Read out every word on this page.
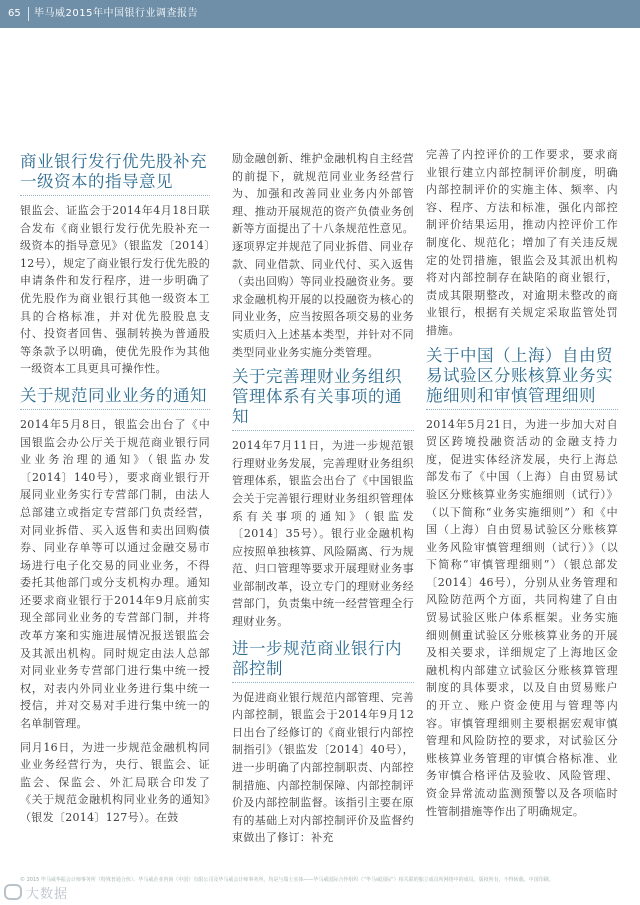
65 毕马威2015年中国银行业调查报告
商业银行发行优先股补充一级资本的指导意见

银监会、证监会于2014年4月18日联合发布《商业银行发行优先股补充一级资本的指导意见》（银监发〔2014〕12号），规定了商业银行发行优先股的申请条件和发行程序，进一步明确了优先股作为商业银行其他一级资本工具的合格标准，并对优先股股息支付、投资者回售、强制转换为普通股等条款予以明确，使优先股作为其他一级资本工具更具可操作性。

关于规范同业业务的通知

2014年5月8日，银监会出台了《中国银监会办公厅关于规范商业银行同业业务治理的通知》（银监办发〔2014〕140号），要求商业银行开展同业业务实行专营部门制，由法人总部建立或指定专营部门负责经营，对同业拆借、买入返售和卖出回购债券、同业存单等可以通过金融交易市场进行电子化交易的同业业务，不得委托其他部门或分支机构办理。通知还要求商业银行于2014年9月底前实现全部同业业务的专营部门制，并将改革方案和实施进展情况报送银监会及其派出机构。同时规定由法人总部对同业业务专营部门进行集中统一授权，对表内外同业业务进行集中统一授信，并对交易对手进行集中统一的名单制管理。

同月16日，为进一步规范金融机构同业业务经营行为，央行、银监会、证监会、保监会、外汇局联合印发了《关于规范金融机构同业业务的通知》（银发〔2014〕127号）。在鼓

励金融创新、维护金融机构自主经营的前提下，就规范同业业务经营行为、加强和改善同业业务内外部管理、推动开展规范的资产负债业务创新等方面提出了十八条规范性意见。逐项界定并规范了同业拆借、同业存款、同业借款、同业代付、买入返售（卖出回购）等同业投融资业务。要求金融机构开展的以投融资为核心的同业业务，应当按照各项交易的业务实质归入上述基本类型，并针对不同类型同业业务实施分类管理。

关于完善理财业务组织管理体系有关事项的通知

2014年7月11日，为进一步规范银行理财业务发展，完善理财业务组织管理体系，银监会出台了《中国银监会关于完善银行理财业务组织管理体系有关事项的通知》（银监发〔2014〕35号）。银行业金融机构应按照单独核算、风险隔离、行为规范、归口管理等要求开展理财业务事业部制改革，设立专门的理财业务经营部门，负责集中统一经营管理全行理财业务。

进一步规范商业银行内部控制

为促进商业银行规范内部管理、完善内部控制，银监会于2014年9月12日出台了经修订的《商业银行内部控制指引》（银监发〔2014〕40号），进一步明确了内部控制职责、内部控制措施、内部控制保障、内部控制评价及内部控制监督。该指引主要在原有的基础上对内部控制评价及监督约束做出了修订：补充

完善了内控评价的工作要求，要求商业银行建立内部控制评价制度，明确内部控制评价的实施主体、频率、内容、程序、方法和标准，强化内部控制评价结果运用，推动内控评价工作制度化、规范化；增加了有关违反规定的处罚措施，银监会及其派出机构将对内部控制存在缺陷的商业银行，责成其限期整改，对逾期未整改的商业银行，根据有关规定采取监管处罚措施。

关于中国（上海）自由贸易试验区分账核算业务实施细则和审慎管理细则

2014年5月21日，为进一步加大对自贸区跨境投融资活动的金融支持力度，促进实体经济发展，央行上海总部发布了《中国（上海）自由贸易试验区分账核算业务实施细则（试行）》（以下简称“业务实施细则”）和《中国（上海）自由贸易试验区分账核算业务风险审慎管理细则（试行）》（以下简称“审慎管理细则”）（银总部发〔2014〕46号），分别从业务管理和风险防范两个方面，共同构建了自由贸易试验区账户体系框架。业务实施细则侧重试验区分账核算业务的开展及相关要求，详细规定了上海地区金融机构内部建立试验区分账核算管理制度的具体要求，以及自由贸易账户的开立、账户资金使用与管理等内容。审慎管理细则主要根据宏观审慎管理和风险防控的要求，对试验区分账核算业务管理的审慎合格标准、业务审慎合格评估及验收、风险管理、资金异常流动监测预警以及各项临时性管制措施等作出了明确规定。

© 2015 毕马威华振会计师事务所（特殊普通合伙）、毕马威企业咨询（中国）有限公司及毕马威会计师事务所，均是与瑞士实体——毕马威国际合作组织（“毕马威国际”）相关联的独立成员所网络中的成员。版权所有，不得转载。中国印刷。
大数据
